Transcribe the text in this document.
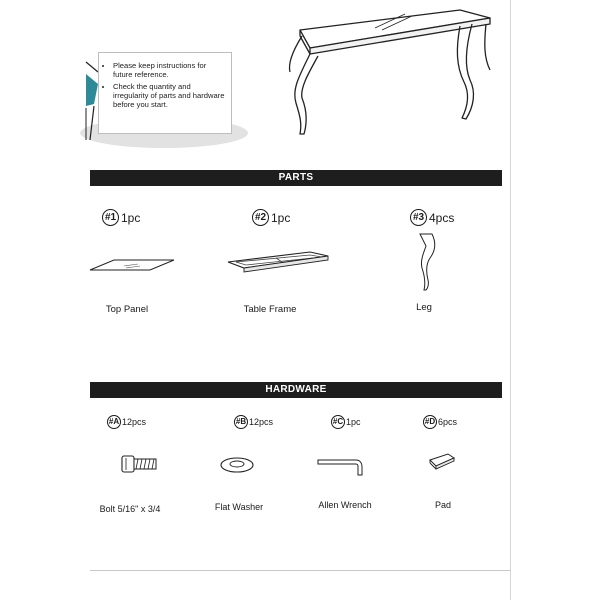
• Please keep instructions for future reference.
• Check the quantity and irregularity of parts and hardware before you start.
PARTS
#1 1pc	#2 1pc	#3 4pcs
Top Panel	Table Frame	Leg
HARDWARE
#A 12pcs	#B 12pcs	#C 1pc	#D 6pcs
Bolt 5/16" x 3/4	Flat Washer	Allen Wrench	Pad
